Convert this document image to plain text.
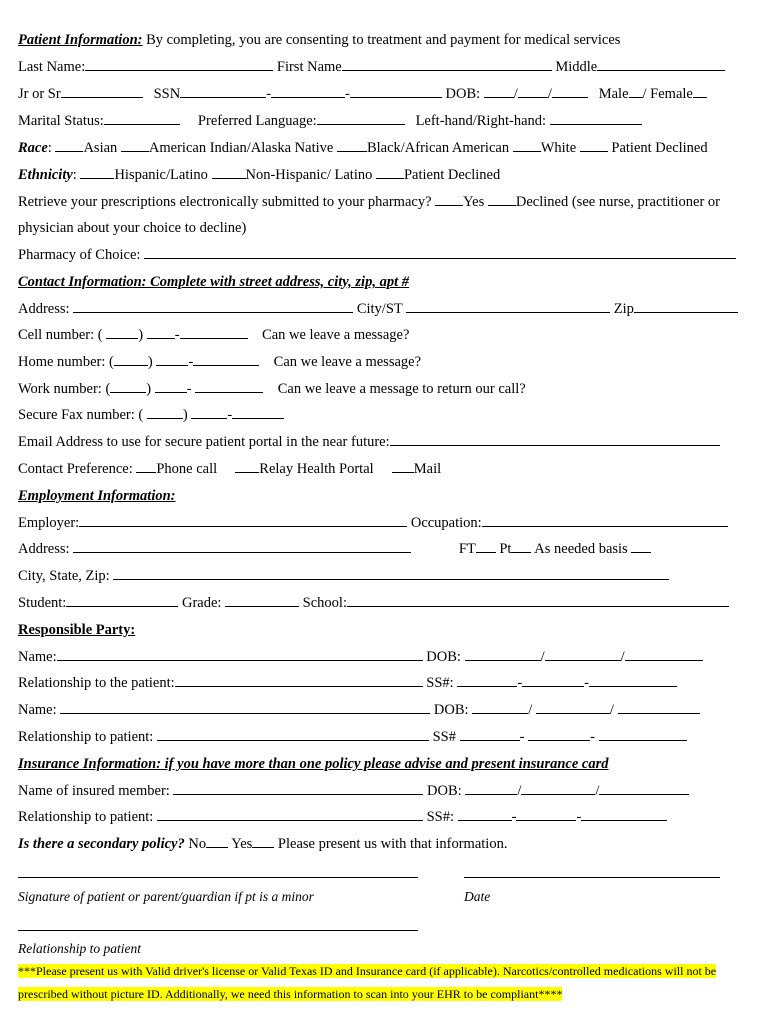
Patient Information: By completing, you are consenting to treatment and payment for medical services
Last Name:	First Name	Middle
Jr or Sr	SSN	-	-	DOB: / /	Male / Female
Marital Status:	Preferred Language:	Left-hand/Right-hand:
Race: Asian American Indian/Alaska Native Black/African American White Patient Declined
Ethnicity: Hispanic/Latino	Non-Hispanic/ Latino Patient Declined
Retrieve your prescriptions electronically submitted to your pharmacy? Yes Declined (see nurse, practitioner or
physician about your choice to decline)
Pharmacy of Choice:
Contact Information: Complete with street address, city, zip, apt #
Address:	City/ST	Zip
Cell number: ( ) -	Can we leave a message?
Home number: ( ) -	Can we leave a message?
Work number: ( ) -	Can we leave a message to return our call?
Secure Fax number: ( ) -
Email Address to use for secure patient portal in the near future:
Contact Preference: Phone call	Relay Health Portal	Mail
Employment Information:
Employer:	Occupation:
Address:	FT Pt As needed basis
City, State, Zip:
Student:	Grade:	School:
Responsible Party:
Name:	DOB:	/	/
Relationship to the patient:	SS#:	-	-
Name:	DOB:	/	/
Relationship to patient:	SS#	-	-
Insurance Information: if you have more than one policy please advise and present insurance card
Name of insured member:	DOB:	/	/
Relationship to patient:	SS#:	-	-
Is there a secondary policy? No Yes Please present us with that information.
Signature of patient or parent/guardian if pt is a minor	Date
Relationship to patient
***Please present us with Valid driver's license or Valid Texas ID and Insurance card (if applicable). Narcotics/controlled medications will not be
prescribed without picture ID. Additionally, we need this information to scan into your EHR to be compliant****
